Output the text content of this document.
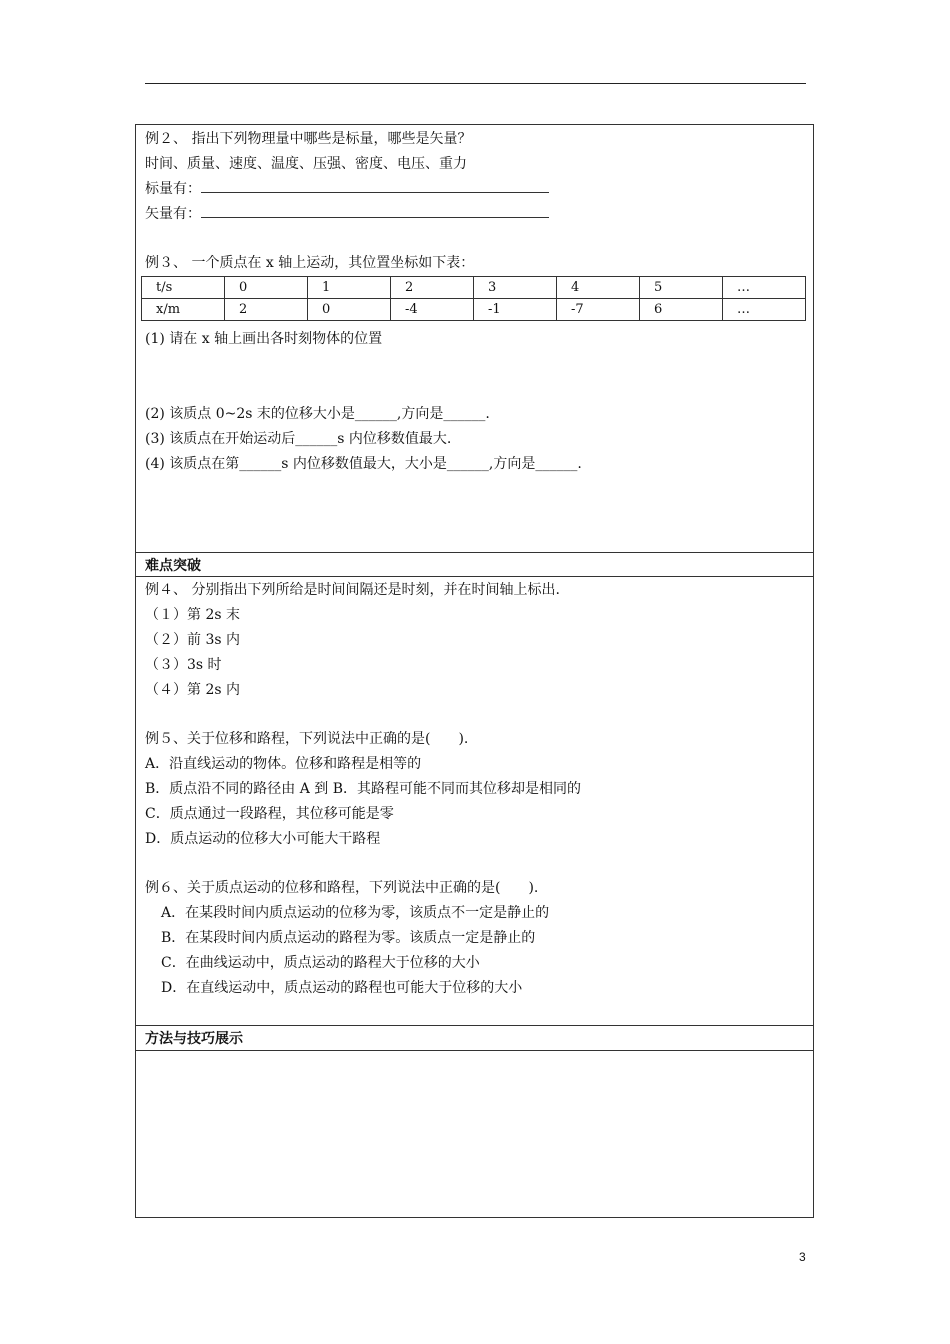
例２、 指出下列物理量中哪些是标量，哪些是矢量？
时间、质量、速度、温度、压强、密度、电压、重力
标量有：
矢量有：
例３、 一个质点在 x 轴上运动，其位置坐标如下表：
t/s	0	1	2	3	4	5	…
x/m	2	0	-4	-1	-7	6	…
(1) 请在 x 轴上画出各时刻物体的位置
(2) 该质点 0~2s 末的位移大小是______,方向是______.
(3) 该质点在开始运动后______s 内位移数值最大.
(4) 该质点在第______s 内位移数值最大，大小是______,方向是______.
难点突破
例４、 分别指出下列所给是时间间隔还是时刻，并在时间轴上标出.
（１）第 2s 末
（２）前 3s 内
（３）3s 时
（４）第 2s 内
例５、关于位移和路程，下列说法中正确的是(　　).
A．沿直线运动的物体。位移和路程是相等的
B．质点沿不同的路径由 A 到 B．其路程可能不同而其位移却是相同的
C．质点通过一段路程，其位移可能是零
D．质点运动的位移大小可能大干路程
例６、关于质点运动的位移和路程，下列说法中正确的是(　　).
A．在某段时间内质点运动的位移为零，该质点不一定是静止的
B．在某段时间内质点运动的路程为零。该质点一定是静止的
C．在曲线运动中，质点运动的路程大于位移的大小
D．在直线运动中，质点运动的路程也可能大于位移的大小
方法与技巧展示
3
